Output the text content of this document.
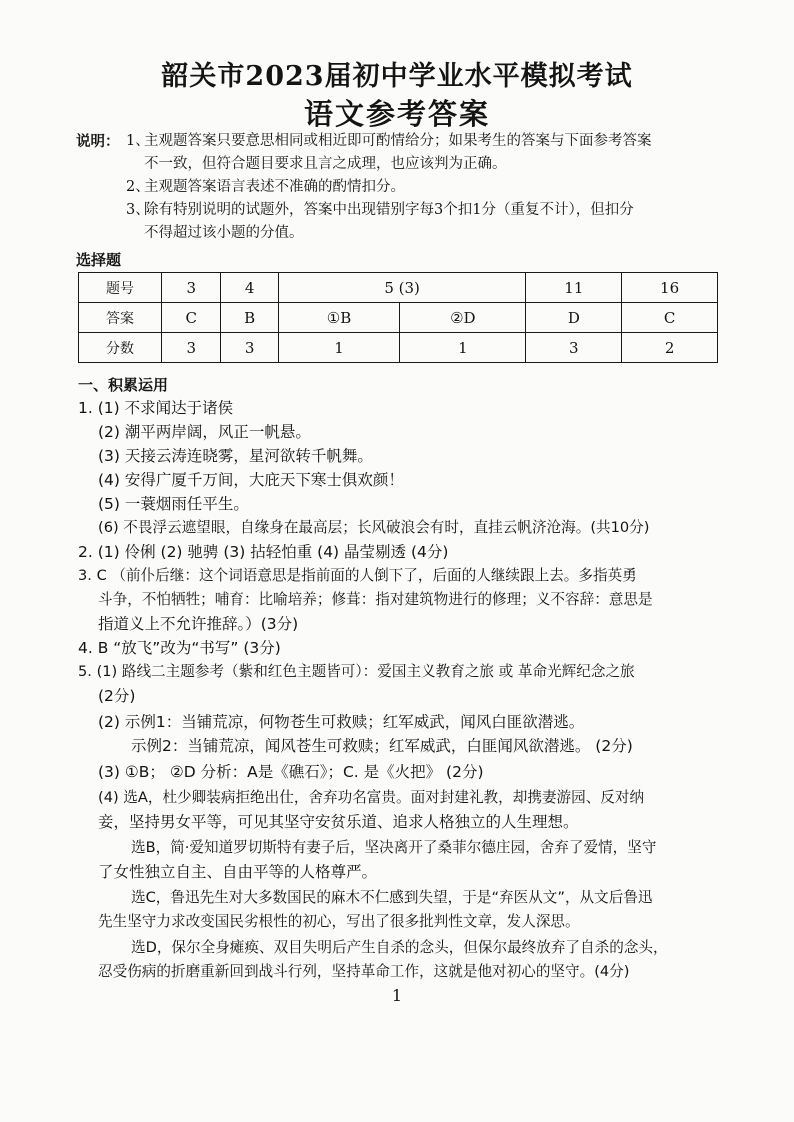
韶关市2023届初中学业水平模拟考试
语文参考答案
说明： 1、主观题答案只要意思相同或相近即可酌情给分；如果考生的答案与下面参考答案
不一致，但符合题目要求且言之成理，也应该判为正确。
2、主观题答案语言表述不准确的酌情扣分。
3、除有特别说明的试题外，答案中出现错别字每3个扣1分（重复不计），但扣分
不得超过该小题的分值。
选择题
题号	3	4	5 (3)		11	16
答案	C	B	①B	②D	D	C
分数	3	3	1	1	3	2
一、积累运用
1. (1) 不求闻达于诸侯
(2) 潮平两岸阔，风正一帆悬。
(3) 天接云涛连晓雾，星河欲转千帆舞。
(4) 安得广厦千万间，大庇天下寒士俱欢颜！
(5) 一蓑烟雨任平生。
(6) 不畏浮云遮望眼，自缘身在最高层；长风破浪会有时，直挂云帆济沧海。(共10分)
2. (1) 伶俐 (2) 驰骋 (3) 拈轻怕重 (4) 晶莹剔透 (4分)
3. C （前仆后继：这个词语意思是指前面的人倒下了，后面的人继续跟上去。多指英勇
斗争，不怕牺牲；哺育：比喻培养；修葺：指对建筑物进行的修理；义不容辞：意思是
指道义上不允许推辞。）(3分)
4. B “放飞”改为“书写” (3分)
5. (1) 路线二主题参考（紫和红色主题皆可）：爱国主义教育之旅 或 革命光辉纪念之旅
(2分)
(2) 示例1：当铺荒凉，何物苍生可救赎；红军威武，闻风白匪欲潜逃。
示例2：当铺荒凉，闻风苍生可救赎；红军威武，白匪闻风欲潜逃。 (2分)
(3) ①B； ②D 分析：A是《礁石》；C. 是《火把》 (2分)
(4) 选A，杜少卿装病拒绝出仕，舍弃功名富贵。面对封建礼教，却携妻游园、反对纳
妾，坚持男女平等，可见其坚守安贫乐道、追求人格独立的人生理想。
选B，简·爱知道罗切斯特有妻子后，坚决离开了桑菲尔德庄园，舍弃了爱情，坚守
了女性独立自主、自由平等的人格尊严。
选C，鲁迅先生对大多数国民的麻木不仁感到失望，于是“弃医从文”，从文后鲁迅
先生坚守力求改变国民劣根性的初心，写出了很多批判性文章，发人深思。
选D，保尔全身瘫痪、双目失明后产生自杀的念头，但保尔最终放弃了自杀的念头，
忍受伤病的折磨重新回到战斗行列，坚持革命工作，这就是他对初心的坚守。(4分)
1
